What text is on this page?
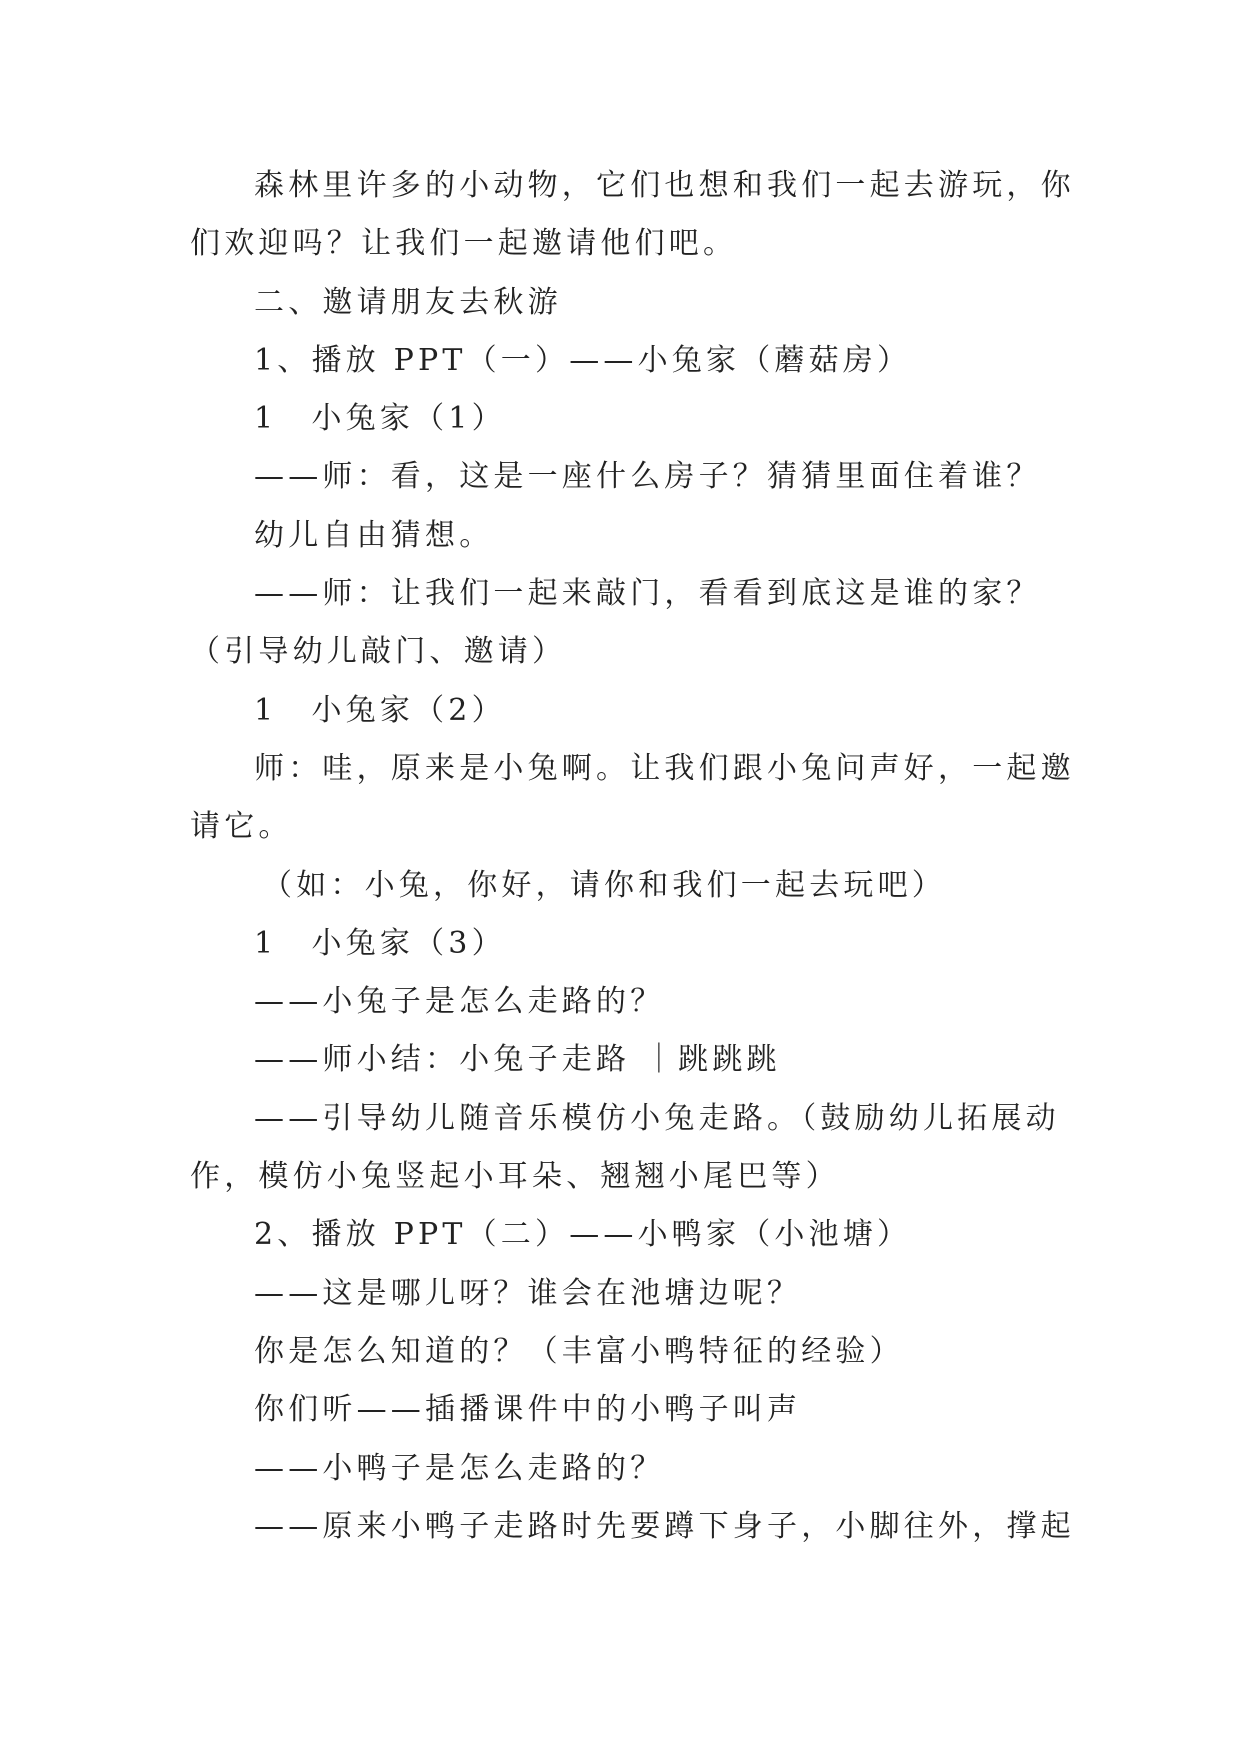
森林里许多的小动物，它们也想和我们一起去游玩，你
们欢迎吗？让我们一起邀请他们吧。
二、邀请朋友去秋游
1、播放 PPT（一）——小兔家（蘑菇房）
1　小兔家（1）
——师：看，这是一座什么房子？猜猜里面住着谁？
幼儿自由猜想。
——师：让我们一起来敲门，看看到底这是谁的家？
（引导幼儿敲门、邀请）
1　小兔家（2）
师：哇，原来是小兔啊。让我们跟小兔问声好，一起邀
请它。
（如：小兔，你好，请你和我们一起去玩吧）
1　小兔家（3）
——小兔子是怎么走路的？
——师小结：小兔子走路 ｜跳跳跳
——引导幼儿随音乐模仿小兔走路。（鼓励幼儿拓展动
作，模仿小兔竖起小耳朵、翘翘小尾巴等）
2、播放 PPT（二）——小鸭家（小池塘）
——这是哪儿呀？谁会在池塘边呢？
你是怎么知道的？（丰富小鸭特征的经验）
你们听——插播课件中的小鸭子叫声
——小鸭子是怎么走路的？
——原来小鸭子走路时先要蹲下身子，小脚往外，撑起
